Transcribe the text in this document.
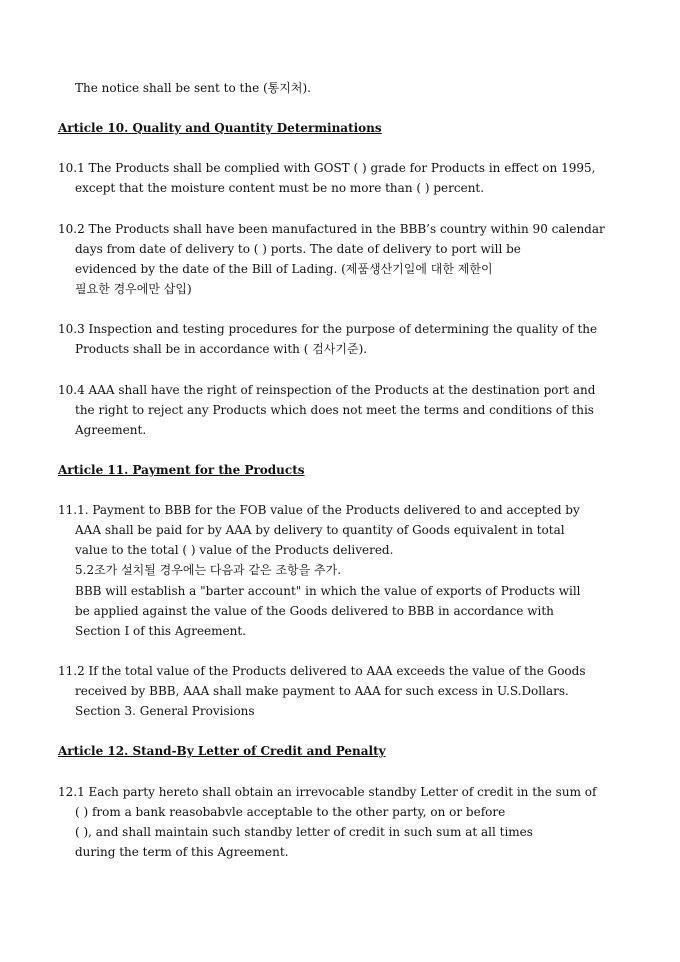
The notice shall be sent to the (통지처).
Article 10. Quality and Quantity Determinations
10.1 The Products shall be complied with GOST ( ) grade for Products in effect on 1995,
except that the moisture content must be no more than ( ) percent.
10.2 The Products shall have been manufactured in the BBB’s country within 90 calendar
days from date of delivery to ( ) ports. The date of delivery to port will be
evidenced by the date of the Bill of Lading. (제품생산기일에 대한 제한이
필요한 경우에만 삽입)
10.3 Inspection and testing procedures for the purpose of determining the quality of the
Products shall be in accordance with ( 검사기준).
10.4 AAA shall have the right of reinspection of the Products at the destination port and
the right to reject any Products which does not meet the terms and conditions of this
Agreement.
Article 11. Payment for the Products
11.1. Payment to BBB for the FOB value of the Products delivered to and accepted by
AAA shall be paid for by AAA by delivery to quantity of Goods equivalent in total
value to the total ( ) value of the Products delivered.
5.2조가 설치될 경우에는 다음과 같은 조항을 추가.
BBB will establish a "barter account" in which the value of exports of Products will
be applied against the value of the Goods delivered to BBB in accordance with
Section I of this Agreement.
11.2 If the total value of the Products delivered to AAA exceeds the value of the Goods
received by BBB, AAA shall make payment to AAA for such excess in U.S.Dollars.
Section 3. General Provisions
Article 12. Stand-By Letter of Credit and Penalty
12.1 Each party hereto shall obtain an irrevocable standby Letter of credit in the sum of
( ) from a bank reasobabvle acceptable to the other party, on or before
( ), and shall maintain such standby letter of credit in such sum at all times
during the term of this Agreement.
